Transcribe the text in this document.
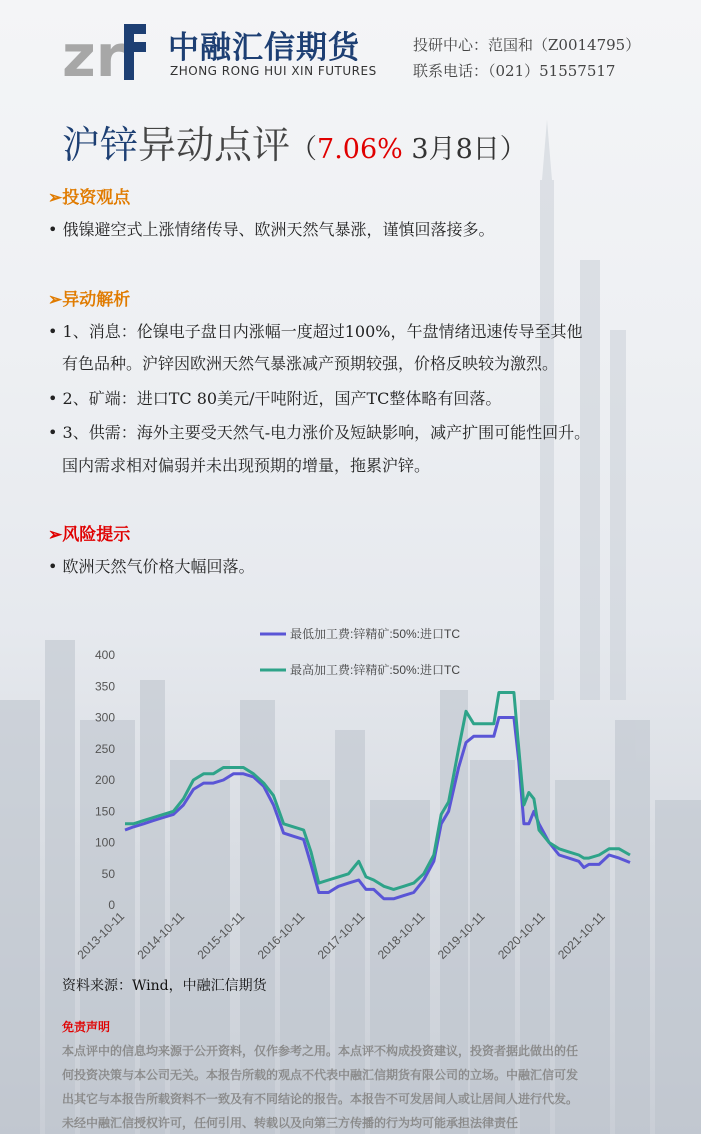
zr 中融汇信期货
ZHONG RONG HUI XIN FUTURES
投研中心：范国和（Z0014795）
联系电话：（021）51557517
沪锌异动点评（7.06% 3月8日）
➢投资观点
• 俄镍避空式上涨情绪传导、欧洲天然气暴涨，谨慎回落接多。
➢异动解析
• 1、消息：伦镍电子盘日内涨幅一度超过100%，午盘情绪迅速传导至其他
有色品种。沪锌因欧洲天然气暴涨减产预期较强，价格反映较为激烈。
• 2、矿端：进口TC 80美元/干吨附近，国产TC整体略有回落。
• 3、供需：海外主要受天然气-电力涨价及短缺影响，减产扩围可能性回升。
国内需求相对偏弱并未出现预期的增量，拖累沪锌。
➢风险提示
• 欧洲天然气价格大幅回落。
0
50
100
150
200
250
300
350
400
2013-10-11 2014-10-11 2015-10-11 2016-10-11 2017-10-11 2018-10-11 2019-10-11 2020-10-11 2021-10-11
最低加工费:锌精矿:50%:进口TC
最高加工费:锌精矿:50%:进口TC
资料来源：Wind，中融汇信期货
免责声明
本点评中的信息均来源于公开资料，仅作参考之用。本点评不构成投资建议，投资者据此做出的任
何投资决策与本公司无关。本报告所载的观点不代表中融汇信期货有限公司的立场。中融汇信可发
出其它与本报告所载资料不一致及有不同结论的报告。本报告不可发居间人或让居间人进行代发。
未经中融汇信授权许可，任何引用、转载以及向第三方传播的行为均可能承担法律责任
